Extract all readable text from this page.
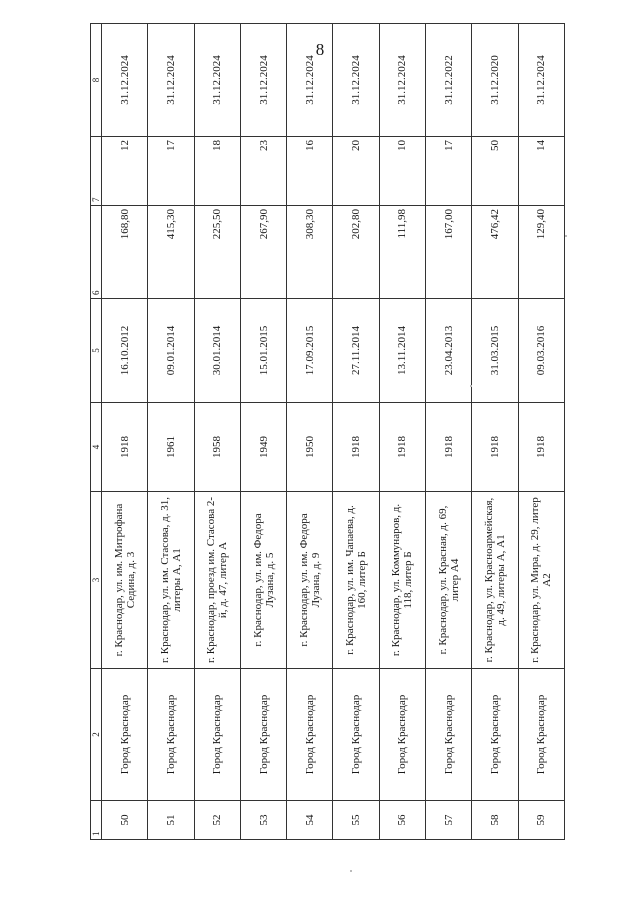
8
1	2	3	4	5	6	7	8
50	Город Краснодар	г. Краснодар, ул. им. Митрофана Седина, д. 3	1918	16.10.2012	168,80	12	31.12.2024
51	Город Краснодар	г. Краснодар, ул. им. Стасова, д. 31, литеры А, А1	1961	09.01.2014	415,30	17	31.12.2024
52	Город Краснодар	г. Краснодар, проезд им. Стасова 2-й, д. 47, литер А	1958	30.01.2014	225,50	18	31.12.2024
53	Город Краснодар	г. Краснодар, ул. им. Федора Лузана, д. 5	1949	15.01.2015	267,90	23	31.12.2024
54	Город Краснодар	г. Краснодар, ул. им. Федора Лузана, д. 9	1950	17.09.2015	308,30	16	31.12.2024
55	Город Краснодар	г. Краснодар, ул. им. Чапаева, д. 160, литер Б	1918	27.11.2014	202,80	20	31.12.2024
56	Город Краснодар	г. Краснодар, ул. Коммунаров, д. 118, литер Б	1918	13.11.2014	111,98	10	31.12.2024
57	Город Краснодар	г. Краснодар, ул. Красная, д. 69, литер А4	1918	23.04.2013	167,00	17	31.12.2022
58	Город Краснодар	г. Краснодар, ул. Красноармейская, д. 49, литеры А, А1	1918	31.03.2015	476,42	50	31.12.2020
59	Город Краснодар	г. Краснодар, ул. Мира, д. 29, литер А2	1918	09.03.2016	129,40	14	31.12.2024
